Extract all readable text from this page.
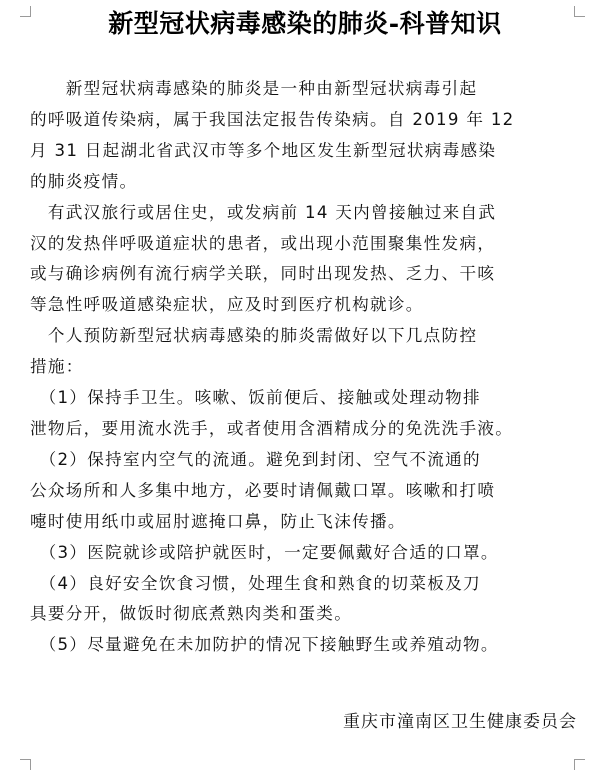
新型冠状病毒感染的肺炎-科普知识
　　新型冠状病毒感染的肺炎是一种由新型冠状病毒引起
的呼吸道传染病，属于我国法定报告传染病。自 2019 年 12
月 31 日起湖北省武汉市等多个地区发生新型冠状病毒感染
的肺炎疫情。
　有武汉旅行或居住史，或发病前 14 天内曾接触过来自武
汉的发热伴呼吸道症状的患者，或出现小范围聚集性发病，
或与确诊病例有流行病学关联，同时出现发热、乏力、干咳
等急性呼吸道感染症状，应及时到医疗机构就诊。
　个人预防新型冠状病毒感染的肺炎需做好以下几点防控
措施：
　（1）保持手卫生。咳嗽、饭前便后、接触或处理动物排
泄物后，要用流水洗手，或者使用含酒精成分的免洗洗手液。
　（2）保持室内空气的流通。避免到封闭、空气不流通的
公众场所和人多集中地方，必要时请佩戴口罩。咳嗽和打喷
嚏时使用纸巾或屈肘遮掩口鼻，防止飞沫传播。
　（3）医院就诊或陪护就医时，一定要佩戴好合适的口罩。
　（4）良好安全饮食习惯，处理生食和熟食的切菜板及刀
具要分开，做饭时彻底煮熟肉类和蛋类。
　（5）尽量避免在未加防护的情况下接触野生或养殖动物。
重庆市潼南区卫生健康委员会
